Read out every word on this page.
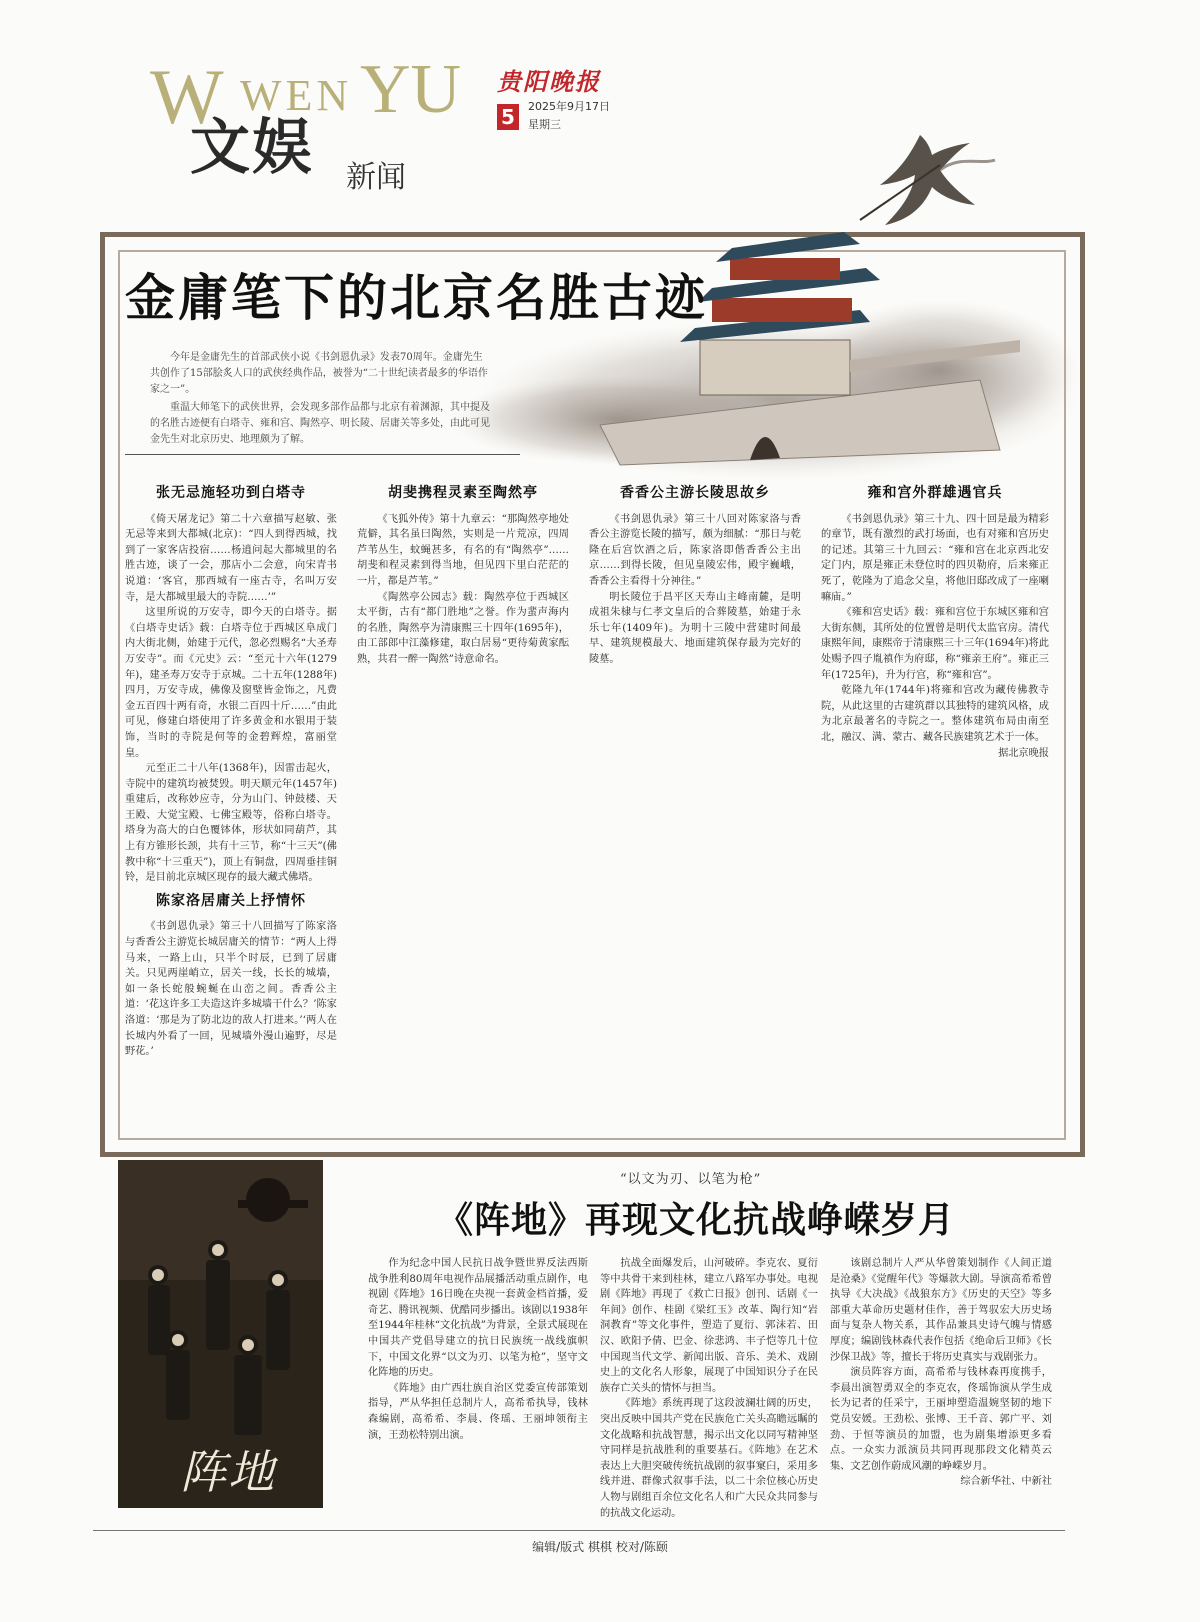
W WEN YU
文娱 新闻
贵阳晚报
5	2025年9月17日
星期三
金庸笔下的北京名胜古迹

今年是金庸先生的首部武侠小说《书剑恩仇录》发表70周年。金庸先生共创作了15部脍炙人口的武侠经典作品，被誉为“二十世纪读者最多的华语作家之一”。

重温大师笔下的武侠世界，会发现多部作品都与北京有着渊源，其中提及的名胜古迹便有白塔寺、雍和宫、陶然亭、明长陵、居庸关等多处，由此可见金先生对北京历史、地理颇为了解。

张无忌施轻功到白塔寺

《倚天屠龙记》第二十六章描写赵敏、张无忌等来到大都城(北京)：“四人到得西城，找到了一家客店投宿……杨逍问起大都城里的名胜古迹，谈了一会，那店小二会意，向宋青书说道：‘客官，那西城有一座古寺，名叫万安寺，是大都城里最大的寺院……’”

这里所说的万安寺，即今天的白塔寺。据《白塔寺史话》载：白塔寺位于西城区阜成门内大街北侧，始建于元代，忽必烈赐名“大圣寿万安寺”。而《元史》云：“至元十六年(1279年)，建圣寿万安寺于京城。二十五年(1288年)四月，万安寺成，佛像及窗壁皆金饰之，凡费金五百四十两有奇，水银二百四十斤……”由此可见，修建白塔使用了许多黄金和水银用于装饰，当时的寺院是何等的金碧辉煌，富丽堂皇。

元至正二十八年(1368年)，因雷击起火，寺院中的建筑均被焚毁。明天顺元年(1457年)重建后，改称妙应寺，分为山门、钟鼓楼、天王殿、大觉宝殿、七佛宝殿等，俗称白塔寺。塔身为高大的白色覆钵体，形状如同葫芦，其上有方锥形长颈，共有十三节，称“十三天”(佛教中称“十三重天”)，顶上有铜盘，四周垂挂铜铃，是目前北京城区现存的最大藏式佛塔。

陈家洛居庸关上抒情怀

《书剑恩仇录》第三十八回描写了陈家洛与香香公主游览长城居庸关的情节：“两人上得马来，一路上山，只半个时辰，已到了居庸关。只见两崖峭立，居关一线，长长的城墙，如一条长蛇般蜿蜒在山峦之间。香香公主道：‘花这许多工夫造这许多城墙干什么？’陈家洛道：‘那是为了防北边的敌人打进来。’‘两人在长城内外看了一回，见城墙外漫山遍野，尽是野花。’

胡斐携程灵素至陶然亭

《飞狐外传》第十九章云：“那陶然亭地处荒僻，其名虽曰陶然，实则是一片荒凉，四周芦苇丛生，蚊蝇甚多，有名的有“陶然亭”……胡斐和程灵素到得当地，但见四下里白茫茫的一片，都是芦苇。”

《陶然亭公园志》载：陶然亭位于西城区太平街，古有“都门胜地”之誉。作为蜚声海内的名胜，陶然亭为清康熙三十四年(1695年)，由工部郎中江藻修建，取白居易“更待菊黄家酝熟，共君一醉一陶然”诗意命名。

香香公主游长陵思故乡

《书剑恩仇录》第三十八回对陈家洛与香香公主游览长陵的描写，颇为细腻：“那日与乾隆在后宫饮酒之后，陈家洛即偕香香公主出京……到得长陵，但见皇陵宏伟，殿宇巍峨，香香公主看得十分神往。”

明长陵位于昌平区天寿山主峰南麓，是明成祖朱棣与仁孝文皇后的合葬陵墓，始建于永乐七年(1409年)。为明十三陵中营建时间最早、建筑规模最大、地面建筑保存最为完好的陵墓。

雍和宫外群雄遇官兵

《书剑恩仇录》第三十九、四十回是最为精彩的章节，既有激烈的武打场面，也有对雍和宫历史的记述。其第三十九回云：“雍和宫在北京西北安定门内，原是雍正未登位时的四贝勒府，后来雍正死了，乾隆为了追念父皇，将他旧邸改成了一座喇嘛庙。”

《雍和宫史话》载：雍和宫位于东城区雍和宫大街东侧，其所处的位置曾是明代太监官房。清代康熙年间，康熙帝于清康熙三十三年(1694年)将此处赐予四子胤禛作为府邸，称“雍亲王府”。雍正三年(1725年)，升为行宫，称“雍和宫”。

乾隆九年(1744年)将雍和宫改为藏传佛教寺院，从此这里的古建筑群以其独特的建筑风格，成为北京最著名的寺院之一。整体建筑布局由南至北，融汉、满、蒙古、藏各民族建筑艺术于一体。

据北京晚报

阵地
“以文为刃、以笔为枪”
《阵地》再现文化抗战峥嵘岁月

作为纪念中国人民抗日战争暨世界反法西斯战争胜利80周年电视作品展播活动重点剧作，电视剧《阵地》16日晚在央视一套黄金档首播，爱奇艺、腾讯视频、优酷同步播出。该剧以1938年至1944年桂林“文化抗战”为背景，全景式展现在中国共产党倡导建立的抗日民族统一战线旗帜下，中国文化界“以文为刃、以笔为枪”，坚守文化阵地的历史。

《阵地》由广西壮族自治区党委宣传部策划指导，严从华担任总制片人，高希希执导，钱林森编剧，高希希、李晨、佟瑶、王丽坤领衔主演，王劲松特别出演。

抗战全面爆发后，山河破碎。李克农、夏衍等中共骨干来到桂林，建立八路军办事处。电视剧《阵地》再现了《救亡日报》创刊、话剧《一年间》创作、桂剧《梁红玉》改革、陶行知“岩洞教育”等文化事件，塑造了夏衍、郭沫若、田汉、欧阳予倩、巴金、徐悲鸿、丰子恺等几十位中国现当代文学、新闻出版、音乐、美术、戏剧史上的文化名人形象，展现了中国知识分子在民族存亡关头的情怀与担当。

《阵地》系统再现了这段波澜壮阔的历史，突出反映中国共产党在民族危亡关头高瞻远瞩的文化战略和抗战智慧，揭示出文化以同写精神坚守同样是抗战胜利的重要基石。《阵地》在艺术表达上大胆突破传统抗战剧的叙事窠臼，采用多线并进、群像式叙事手法，以二十余位核心历史人物与剧组百余位文化名人和广大民众共同参与的抗战文化运动。

该剧总制片人严从华曾策划制作《人间正道是沧桑》《觉醒年代》等爆款大剧。导演高希希曾执导《大决战》《战狼东方》《历史的天空》等多部重大革命历史题材佳作，善于驾驭宏大历史场面与复杂人物关系，其作品兼具史诗气魄与情感厚度；编剧钱林森代表作包括《绝命后卫师》《长沙保卫战》等，擅长于将历史真实与戏剧张力。

演员阵容方面，高希希与钱林森再度携手，李晨出演智勇双全的李克农，佟瑶饰演从学生成长为记者的任采宁，王丽坤塑造温婉坚韧的地下党员安媛。王劲松、张博、王千音、郭广平、刘劲、于恒等演员的加盟，也为剧集增添更多看点。一众实力派演员共同再现那段文化精英云集、文艺创作蔚成风潮的峥嵘岁月。

综合新华社、中新社

编辑/版式 棋棋 校对/陈颐
